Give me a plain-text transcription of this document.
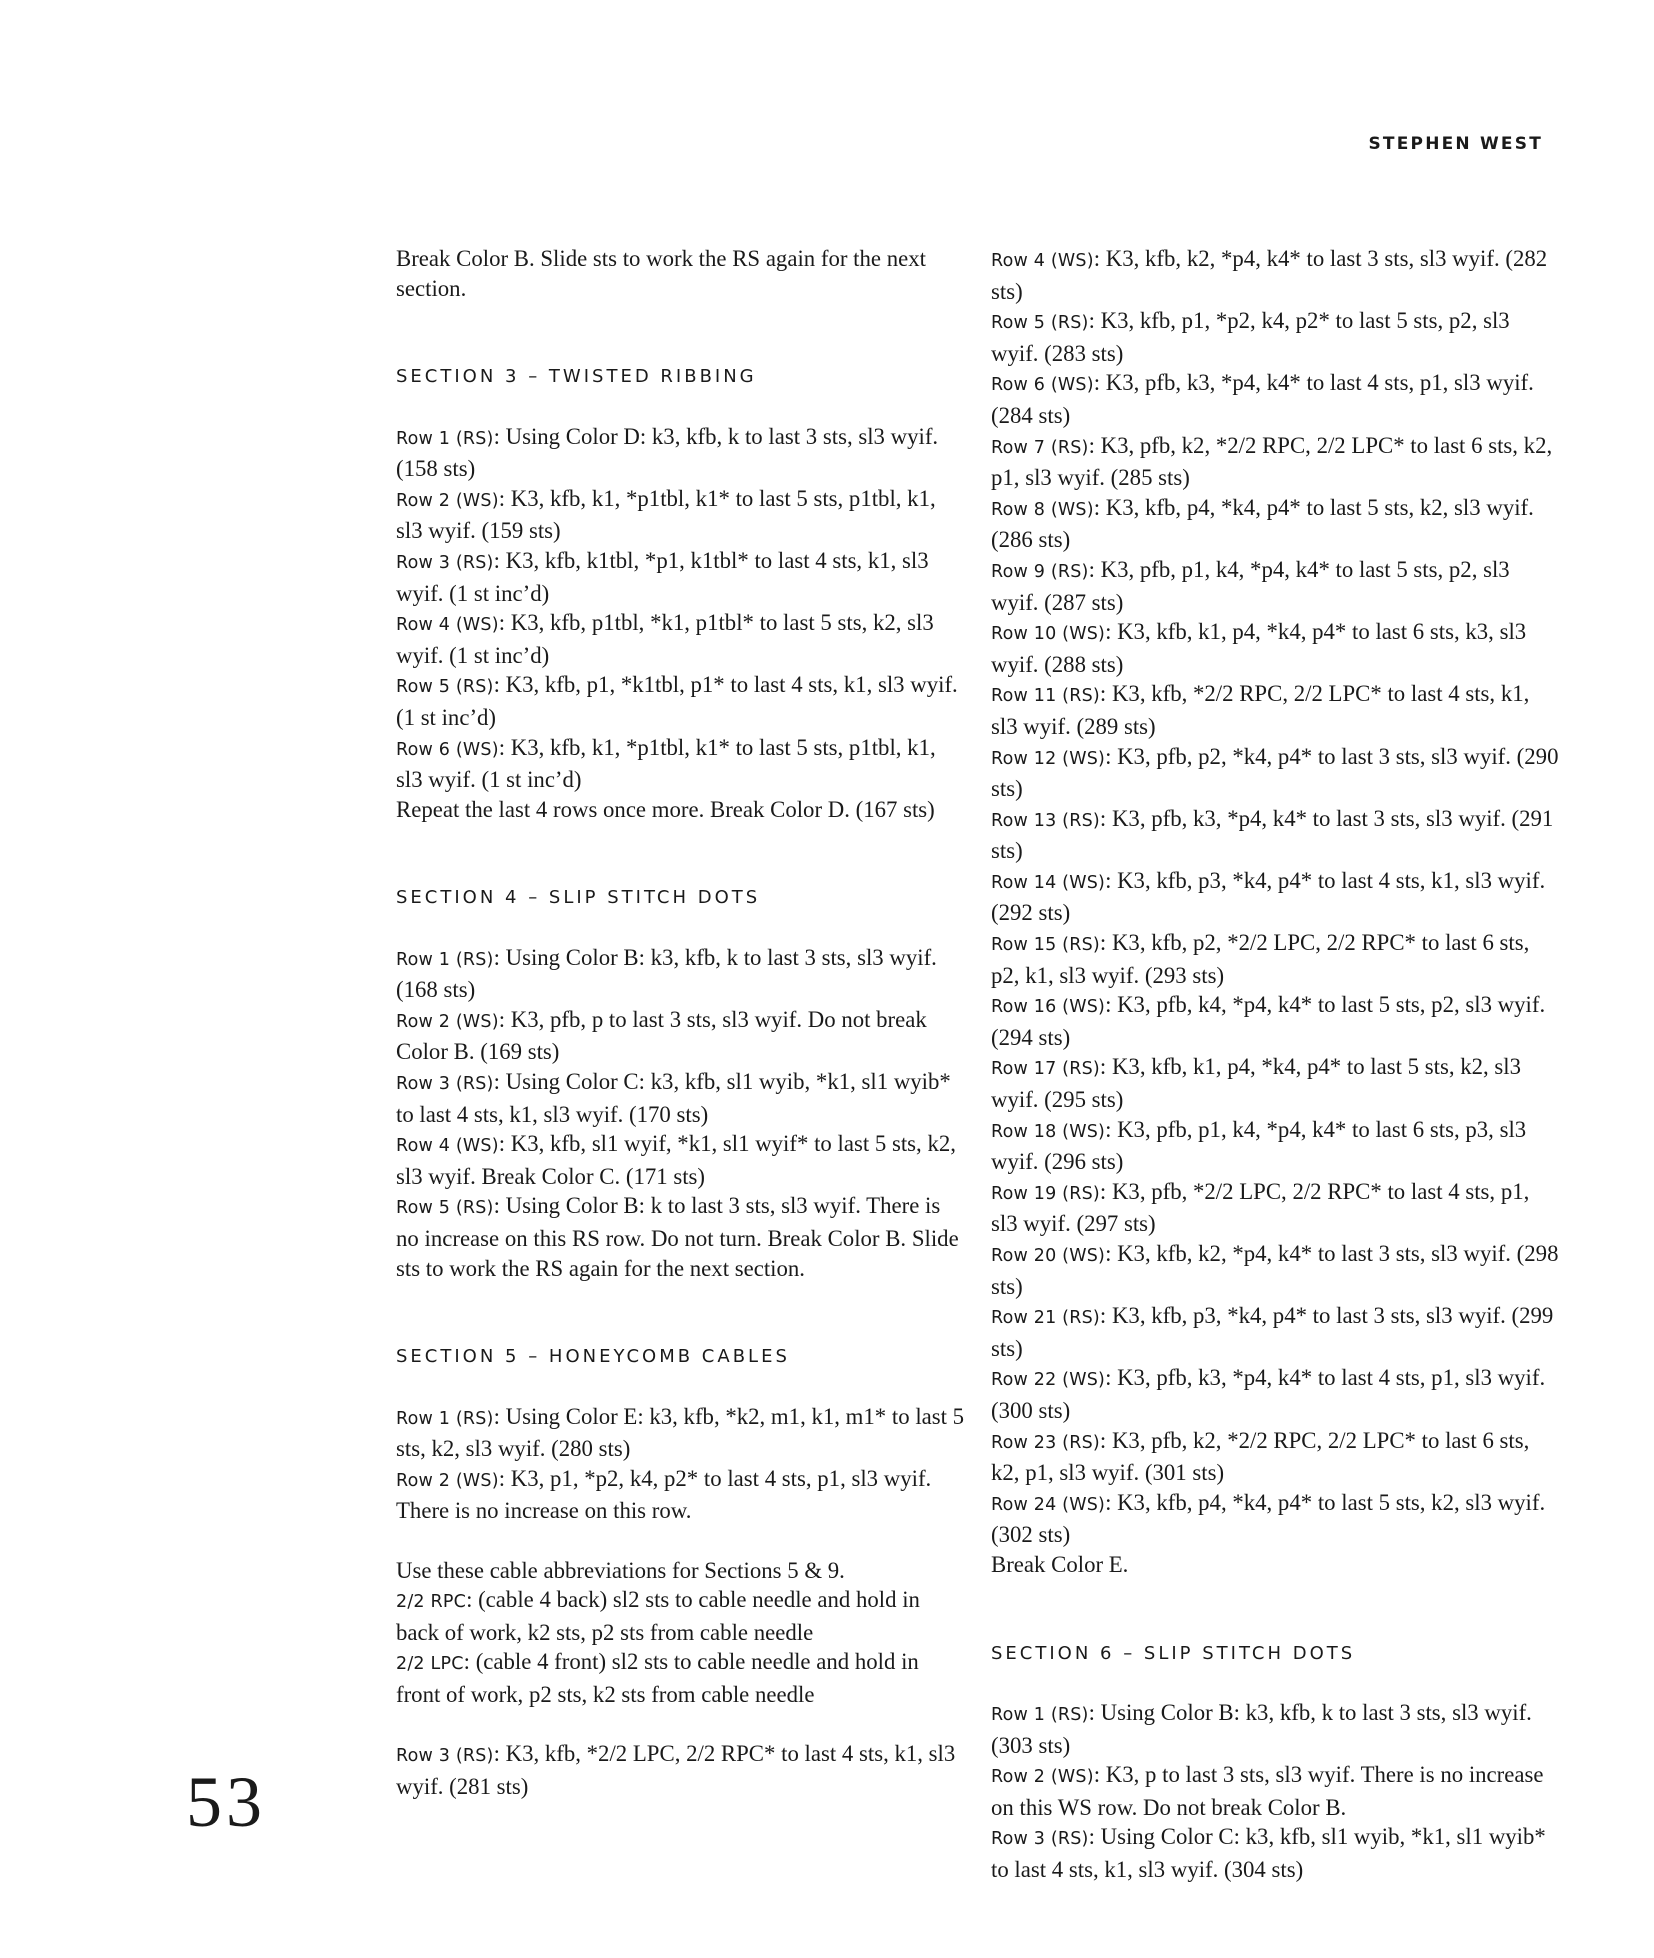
STEPHEN WEST
53

Break Color B. Slide sts to work the RS again for the next section.

SECTION 3 – TWISTED RIBBING

Row 1 (RS): Using Color D: k3, kfb, k to last 3 sts, sl3 wyif. (158 sts)

Row 2 (WS): K3, kfb, k1, *p1tbl, k1* to last 5 sts, p1tbl, k1, sl3 wyif. (159 sts)

Row 3 (RS): K3, kfb, k1tbl, *p1, k1tbl* to last 4 sts, k1, sl3 wyif. (1 st inc’d)

Row 4 (WS): K3, kfb, p1tbl, *k1, p1tbl* to last 5 sts, k2, sl3 wyif. (1 st inc’d)

Row 5 (RS): K3, kfb, p1, *k1tbl, p1* to last 4 sts, k1, sl3 wyif. (1 st inc’d)

Row 6 (WS): K3, kfb, k1, *p1tbl, k1* to last 5 sts, p1tbl, k1, sl3 wyif. (1 st inc’d)

Repeat the last 4 rows once more. Break Color D. (167 sts)

SECTION 4 – SLIP STITCH DOTS

Row 1 (RS): Using Color B: k3, kfb, k to last 3 sts, sl3 wyif. (168 sts)

Row 2 (WS): K3, pfb, p to last 3 sts, sl3 wyif. Do not break Color B. (169 sts)

Row 3 (RS): Using Color C: k3, kfb, sl1 wyib, *k1, sl1 wyib* to last 4 sts, k1, sl3 wyif. (170 sts)

Row 4 (WS): K3, kfb, sl1 wyif, *k1, sl1 wyif* to last 5 sts, k2, sl3 wyif. Break Color C. (171 sts)

Row 5 (RS): Using Color B: k to last 3 sts, sl3 wyif. There is no increase on this RS row. Do not turn. Break Color B. Slide sts to work the RS again for the next section.

SECTION 5 – HONEYCOMB CABLES

Row 1 (RS): Using Color E: k3, kfb, *k2, m1, k1, m1* to last 5 sts, k2, sl3 wyif. (280 sts)

Row 2 (WS): K3, p1, *p2, k4, p2* to last 4 sts, p1, sl3 wyif. There is no increase on this row.

Use these cable abbreviations for Sections 5 & 9.

2/2 RPC: (cable 4 back) sl2 sts to cable needle and hold in back of work, k2 sts, p2 sts from cable needle

2/2 LPC: (cable 4 front) sl2 sts to cable needle and hold in front of work, p2 sts, k2 sts from cable needle

Row 3 (RS): K3, kfb, *2/2 LPC, 2/2 RPC* to last 4 sts, k1, sl3 wyif. (281 sts)

Row 4 (WS): K3, kfb, k2, *p4, k4* to last 3 sts, sl3 wyif. (282 sts)

Row 5 (RS): K3, kfb, p1, *p2, k4, p2* to last 5 sts, p2, sl3 wyif. (283 sts)

Row 6 (WS): K3, pfb, k3, *p4, k4* to last 4 sts, p1, sl3 wyif. (284 sts)

Row 7 (RS): K3, pfb, k2, *2/2 RPC, 2/2 LPC* to last 6 sts, k2, p1, sl3 wyif. (285 sts)

Row 8 (WS): K3, kfb, p4, *k4, p4* to last 5 sts, k2, sl3 wyif. (286 sts)

Row 9 (RS): K3, pfb, p1, k4, *p4, k4* to last 5 sts, p2, sl3 wyif. (287 sts)

Row 10 (WS): K3, kfb, k1, p4, *k4, p4* to last 6 sts, k3, sl3 wyif. (288 sts)

Row 11 (RS): K3, kfb, *2/2 RPC, 2/2 LPC* to last 4 sts, k1, sl3 wyif. (289 sts)

Row 12 (WS): K3, pfb, p2, *k4, p4* to last 3 sts, sl3 wyif. (290 sts)

Row 13 (RS): K3, pfb, k3, *p4, k4* to last 3 sts, sl3 wyif. (291 sts)

Row 14 (WS): K3, kfb, p3, *k4, p4* to last 4 sts, k1, sl3 wyif. (292 sts)

Row 15 (RS): K3, kfb, p2, *2/2 LPC, 2/2 RPC* to last 6 sts, p2, k1, sl3 wyif. (293 sts)

Row 16 (WS): K3, pfb, k4, *p4, k4* to last 5 sts, p2, sl3 wyif. (294 sts)

Row 17 (RS): K3, kfb, k1, p4, *k4, p4* to last 5 sts, k2, sl3 wyif. (295 sts)

Row 18 (WS): K3, pfb, p1, k4, *p4, k4* to last 6 sts, p3, sl3 wyif. (296 sts)

Row 19 (RS): K3, pfb, *2/2 LPC, 2/2 RPC* to last 4 sts, p1, sl3 wyif. (297 sts)

Row 20 (WS): K3, kfb, k2, *p4, k4* to last 3 sts, sl3 wyif. (298 sts)

Row 21 (RS): K3, kfb, p3, *k4, p4* to last 3 sts, sl3 wyif. (299 sts)

Row 22 (WS): K3, pfb, k3, *p4, k4* to last 4 sts, p1, sl3 wyif. (300 sts)

Row 23 (RS): K3, pfb, k2, *2/2 RPC, 2/2 LPC* to last 6 sts, k2, p1, sl3 wyif. (301 sts)

Row 24 (WS): K3, kfb, p4, *k4, p4* to last 5 sts, k2, sl3 wyif. (302 sts)

Break Color E.

SECTION 6 – SLIP STITCH DOTS

Row 1 (RS): Using Color B: k3, kfb, k to last 3 sts, sl3 wyif. (303 sts)

Row 2 (WS): K3, p to last 3 sts, sl3 wyif. There is no increase on this WS row. Do not break Color B.

Row 3 (RS): Using Color C: k3, kfb, sl1 wyib, *k1, sl1 wyib* to last 4 sts, k1, sl3 wyif. (304 sts)
